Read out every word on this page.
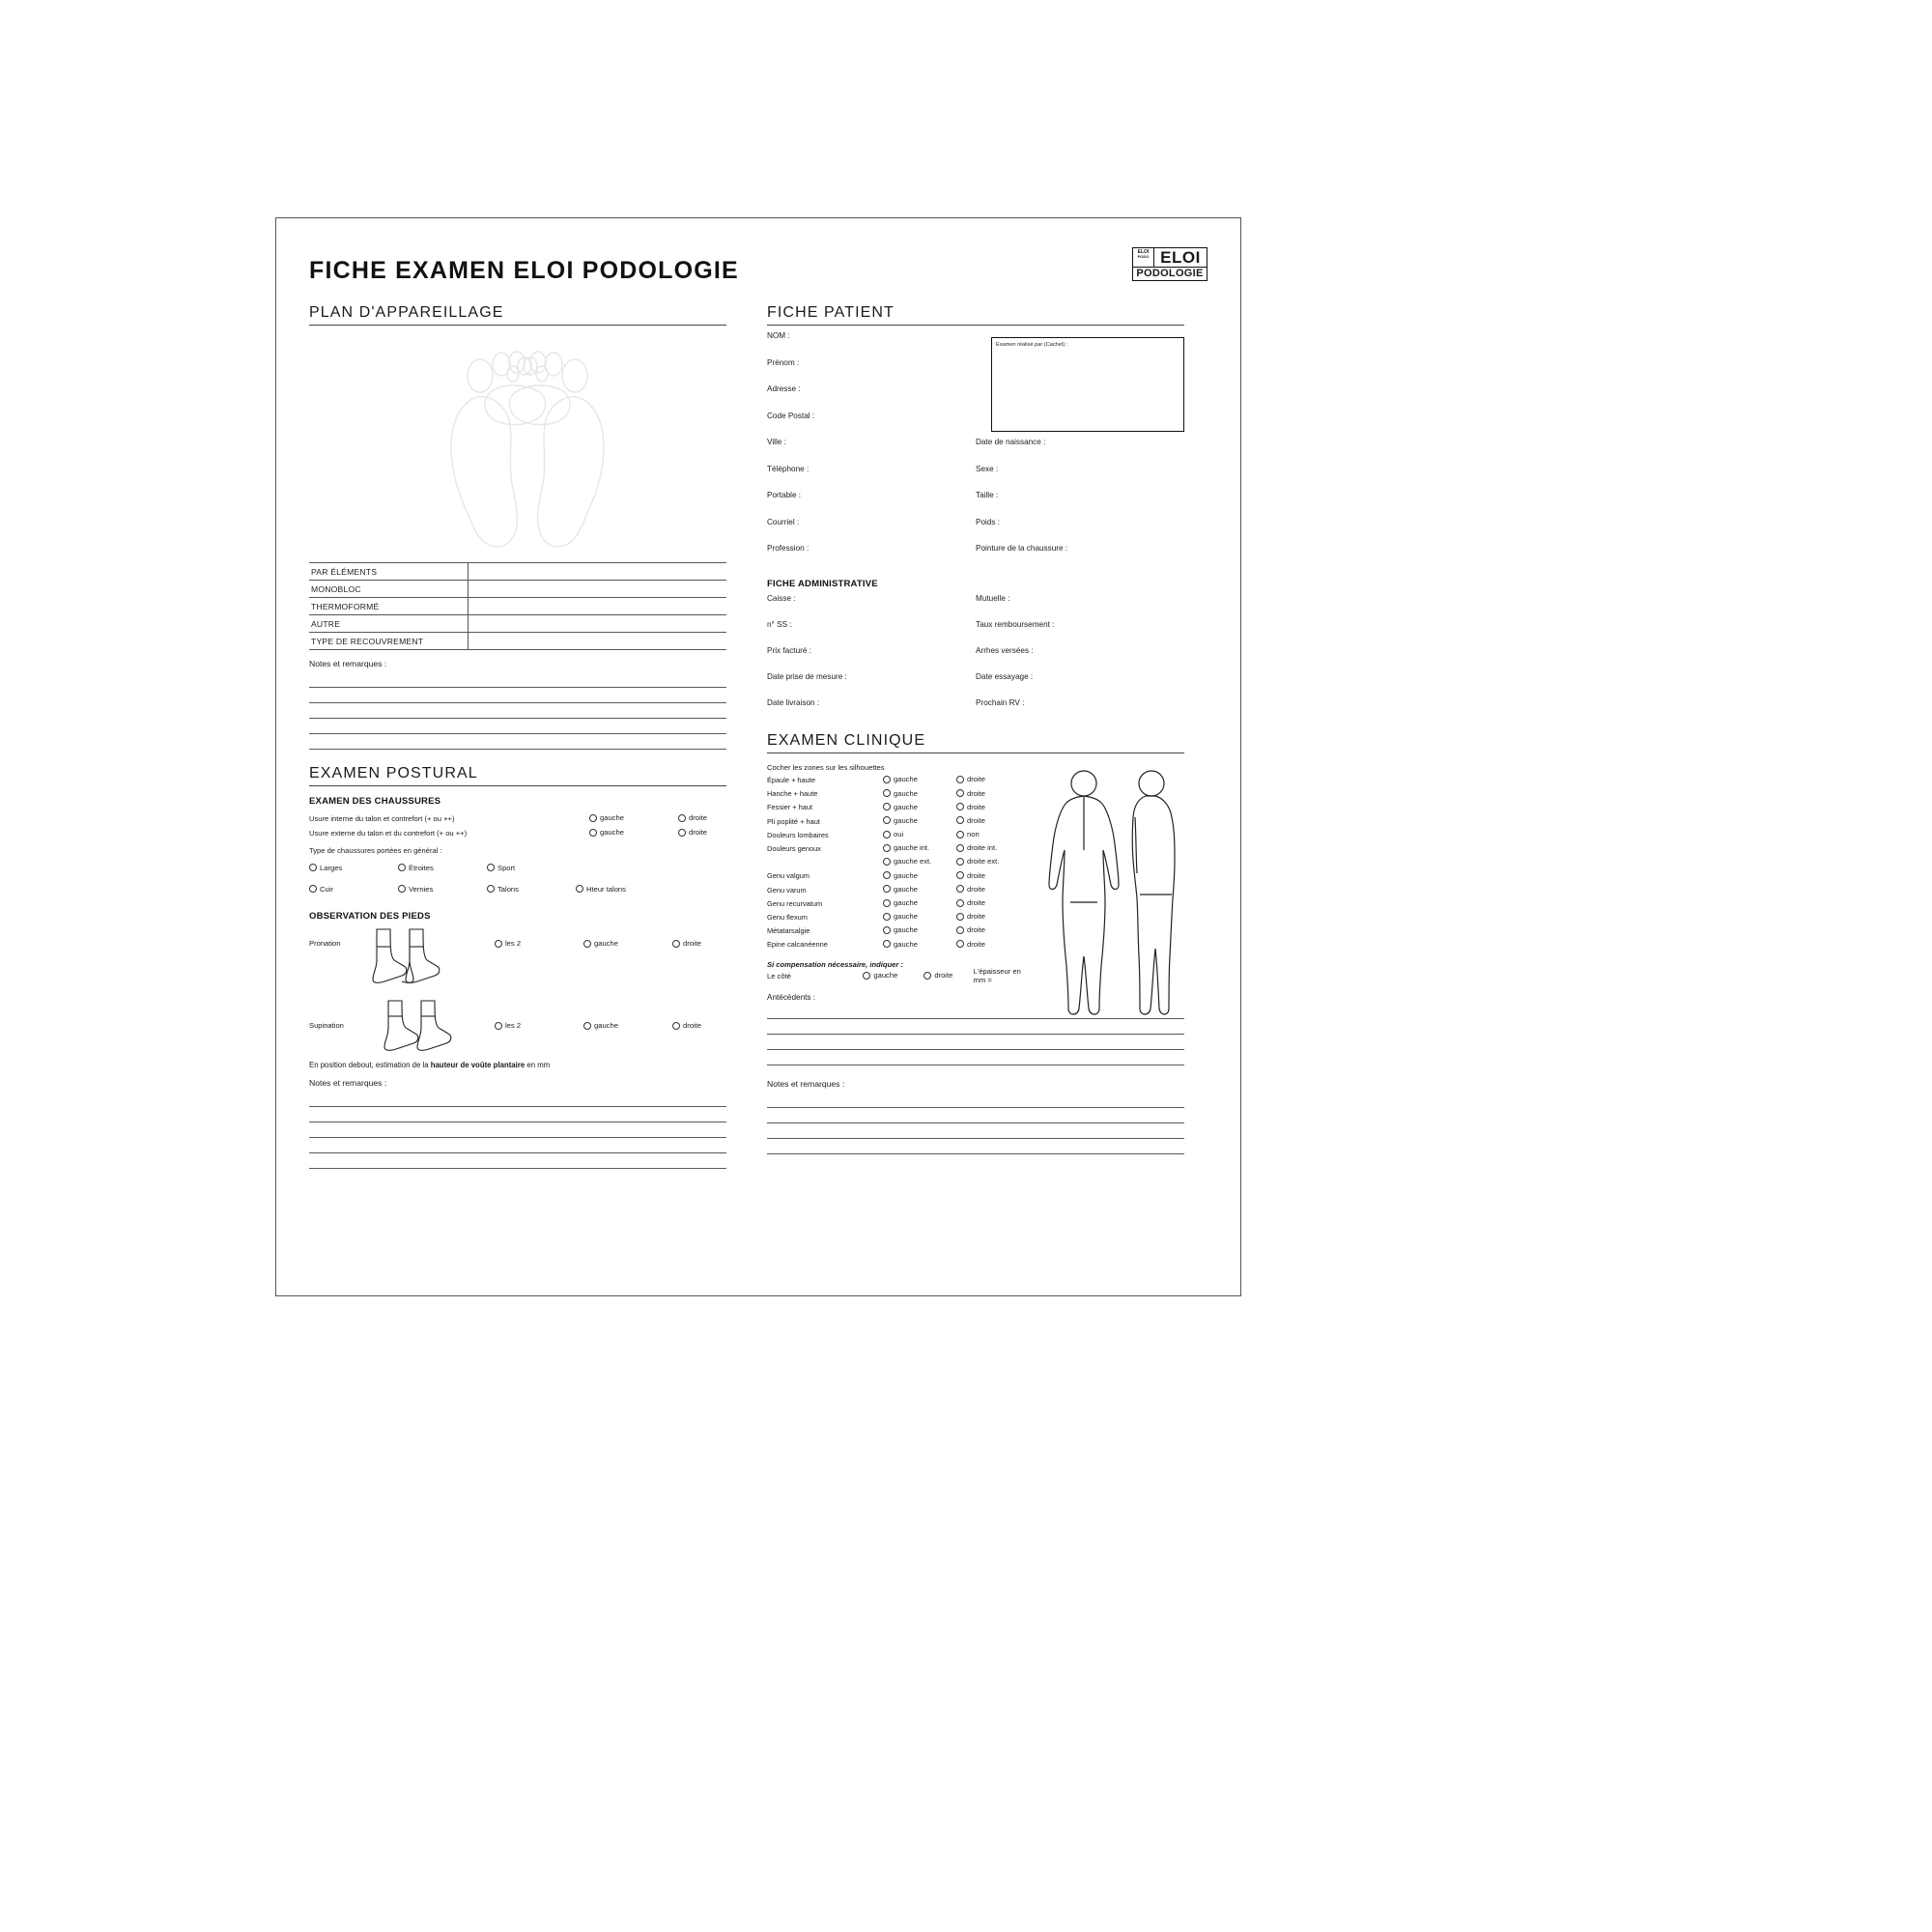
FICHE EXAMEN ELOI PODOLOGIE
ELOI
PODO ELOI
PODOLOGIE
PLAN D'APPAREILLAGE
PAR ÉLÉMENTS	
MONOBLOC	
THERMOFORMÉ	
AUTRE	
TYPE DE RECOUVREMENT	
Notes et remarques :
EXAMEN POSTURAL
EXAMEN DES CHAUSSURES
Usure interne du talon et contrefort (+ ou ++)	gauche	droite
Usure externe du talon et du contrefort (+ ou ++)	gauche	droite
Type de chaussures portées en général :
Larges	Étroites	Sport
Cuir	Vernies	Talons	Hteur talons
OBSERVATION DES PIEDS
Pronation
Supination
les 2	gauche	droite
les 2	gauche	droite
En position debout, estimation de la hauteur de voûte plantaire en mm
Notes et remarques :
FICHE PATIENT
Examen réalisé par (Cachet) :
NOM :
Prénom :
Adresse :
Code Postal :
Ville :
Téléphone :
Portable :
Courriel :
Profession :
Date de naissance :
Sexe :
Taille :
Poids :
Pointure de la chaussure :
FICHE ADMINISTRATIVE
Caisse :
n° SS :
Prix facturé :
Date prise de mesure :
Date livraison :
Mutuelle :
Taux remboursement :
Arrhes versées :
Date essayage :
Prochain RV :
EXAMEN CLINIQUE
Cocher les zones sur les silhouettes
Épaule + haute	gauche	droite
Hanche + haute	gauche	droite
Fessier + haut	gauche	droite
Pli poplité + haut	gauche	droite
Douleurs lombaires	oui	non
Douleurs genoux	gauche int.	droite int.
gauche ext.	droite ext.
Genu valgum	gauche	droite
Genu varum	gauche	droite
Genu recurvatum	gauche	droite
Genu flexum	gauche	droite
Métatarsalgie	gauche	droite
Epine calcanéenne	gauche	droite
Si compensation nécessaire, indiquer :
Le côté	gauche	droite	L'épaisseur en mm =
Antécédents :
Notes et remarques :
